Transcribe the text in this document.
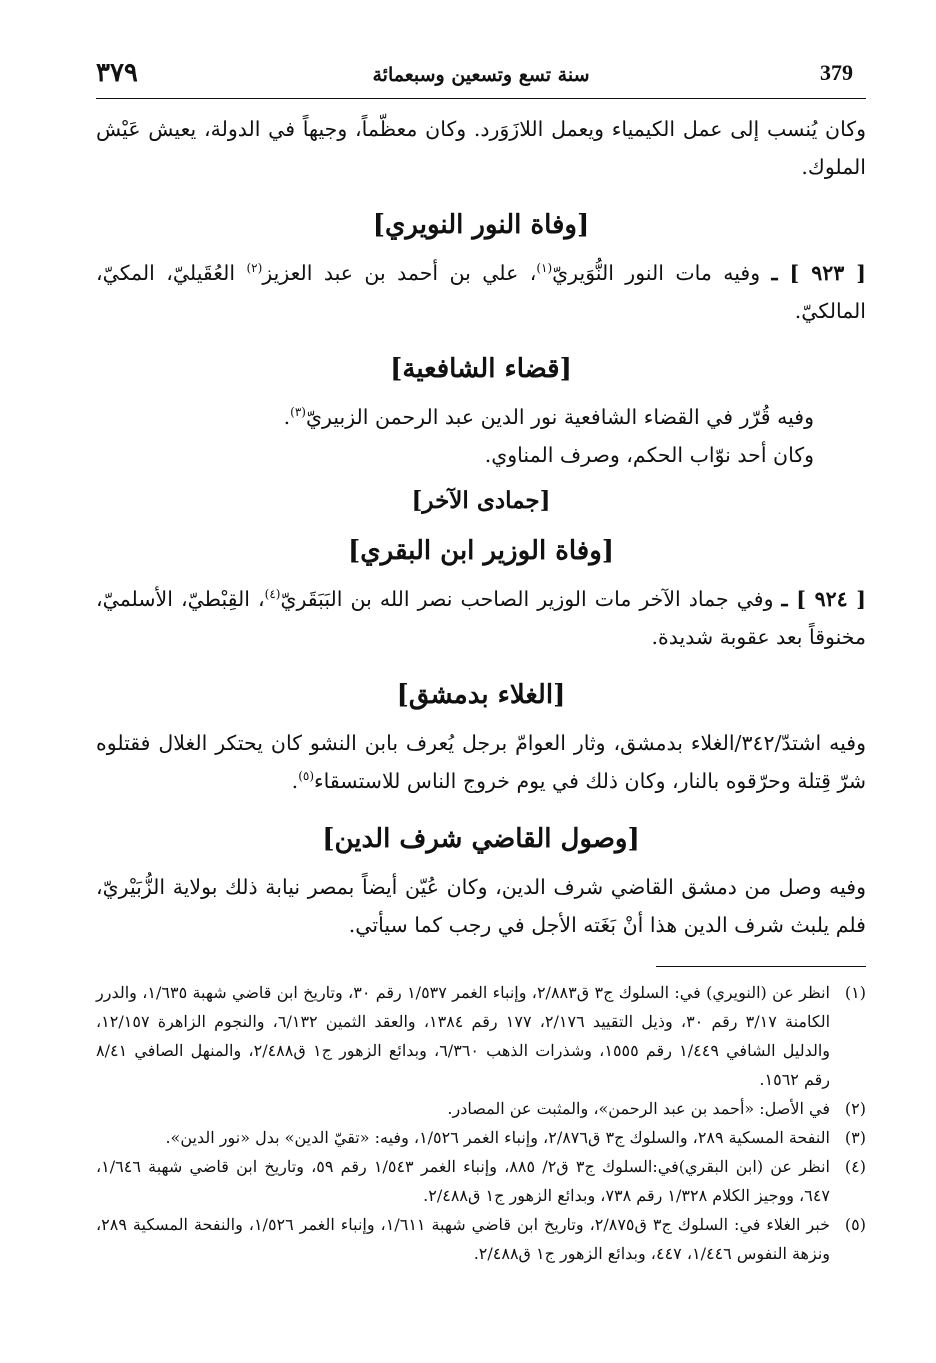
٣٧٩	سنة تسع وتسعين وسبعمائة	379

وكان يُنسب إلى عمل الكيمياء ويعمل اللازَوَرد. وكان معظّماً، وجيهاً في الدولة، يعيش عَيْش الملوك.

[وفاة النور النويري]

[ ٩٢٣ ] ـ وفيه مات النور النُّوَيريّ$^{(١)}$، علي بن أحمد بن عبد العزيز$^{(٢)}$ العُقَيليّ، المكيّ، المالكيّ.

[قضاء الشافعية]

وفيه قُرّر في القضاء الشافعية نور الدين عبد الرحمن الزبيريّ$^{(٣)}$.

وكان أحد نوّاب الحكم، وصرف المناوي.

[جمادى الآخر]
[وفاة الوزير ابن البقري]

[ ٩٢٤ ] ـ وفي جماد الآخر مات الوزير الصاحب نصر الله بن البَبَقَريّ$^{(٤)}$، القِبْطيّ، الأسلميّ، مخنوقاً بعد عقوبة شديدة.

[الغلاء بدمشق]

وفيه اشتدّ/٣٤٢/الغلاء بدمشق، وثار العوامّ برجل يُعرف بابن النشو كان يحتكر الغلال فقتلوه شرّ قِتلة وحرّقوه بالنار، وكان ذلك في يوم خروج الناس للاستسقاء$^{(٥)}$.

[وصول القاضي شرف الدين]

وفيه وصل من دمشق القاضي شرف الدين، وكان عُيّن أيضاً بمصر نيابة ذلك بولاية الزُّبَيْريّ، فلم يلبث شرف الدين هذا أنْ بَغَته الأجل في رجب كما سيأتي.

(١)
انظر عن (النويري) في: السلوك ج٣ ق٢/٨٨٣، وإنباء الغمر ١/٥٣٧ رقم ٣٠، وتاريخ ابن قاضي شهبة ١/٦٣٥، والدرر الكامنة ٣/١٧ رقم ٣٠، وذيل التقييد ٢/١٧٦، ١٧٧ رقم ١٣٨٤، والعقد الثمين ٦/١٣٢، والنجوم الزاهرة ١٢/١٥٧، والدليل الشافي ١/٤٤٩ رقم ١٥٥٥، وشذرات الذهب ٦/٣٦٠، وبدائع الزهور ج١ ق٢/٤٨٨، والمنهل الصافي ٨/٤١ رقم ١٥٦٢.

(٢)
في الأصل: «أحمد بن عبد الرحمن»، والمثبت عن المصادر.

(٣)
النفحة المسكية ٢٨٩، والسلوك ج٣ ق٢/٨٧٦، وإنباء الغمر ١/٥٢٦، وفيه: «تقيّ الدين» بدل «نور الدين».

(٤)
انظر عن (ابن البقري)في:السلوك ج٣ ق٢/ ٨٨٥، وإنباء الغمر ١/٥٤٣ رقم ٥٩، وتاريخ ابن قاضي شهبة ١/٦٤٦، ٦٤٧، ووجيز الكلام ١/٣٢٨ رقم ٧٣٨، وبدائع الزهور ج١ ق٢/٤٨٨.

(٥)
خبر الغلاء في: السلوك ج٣ ق٢/٨٧٥، وتاريخ ابن قاضي شهبة ١/٦١١، وإنباء الغمر ١/٥٢٦، والنفحة المسكية ٢٨٩، ونزهة النفوس ١/٤٤٦، ٤٤٧، وبدائع الزهور ج١ ق٢/٤٨٨.
